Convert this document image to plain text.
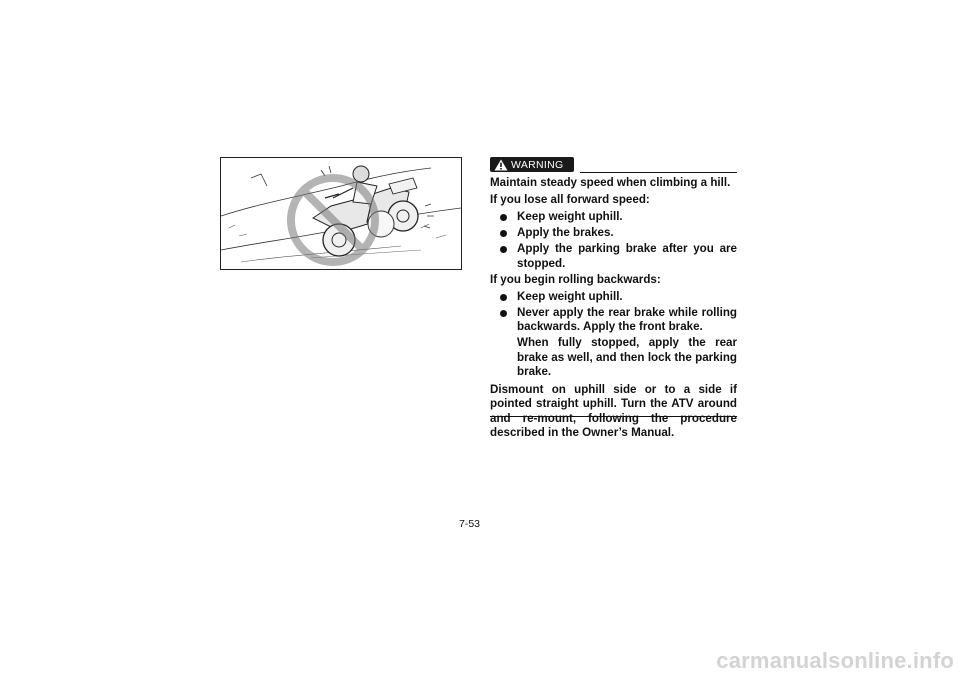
WARNING

Maintain steady speed when climbing a hill.

If you lose all forward speed:

Keep weight uphill.
Apply the brakes.
Apply the parking brake after you are stopped.

If you begin rolling backwards:

Keep weight uphill.
Never apply the rear brake while rolling backwards. Apply the front brake.
When fully stopped, apply the rear brake as well, and then lock the parking brake.

Dismount on uphill side or to a side if pointed straight uphill. Turn the ATV around and re-mount, following the procedure described in the Owner’s Manual.

7-53
carmanualsonline.info
